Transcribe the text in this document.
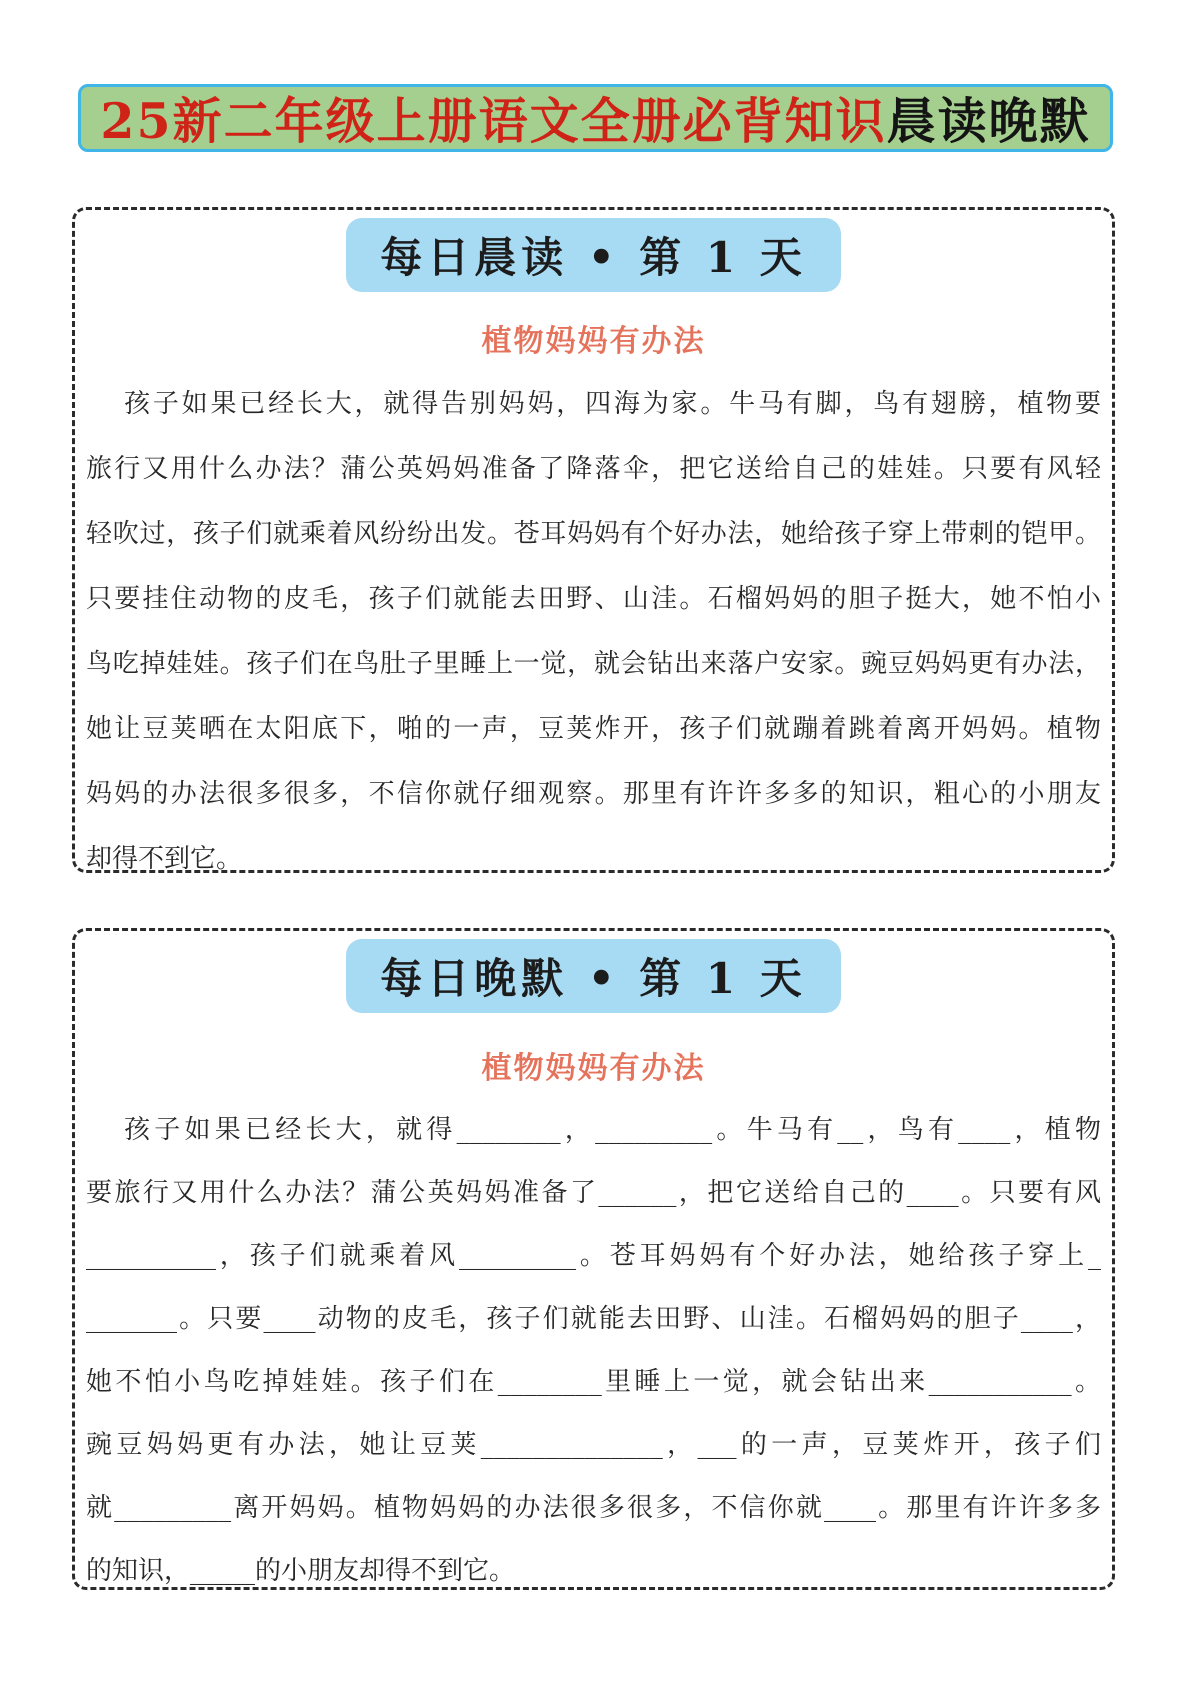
25新二年级上册语文全册必背知识 晨读晚默
每日晨读 • 第 1 天
植物妈妈有办法
孩子如果已经长大，就得告别妈妈，四海为家。牛马有脚，鸟有翅膀，植物要
旅行又用什么办法？蒲公英妈妈准备了降落伞，把它送给自己的娃娃。只要有风轻
轻吹过，孩子们就乘着风纷纷出发。苍耳妈妈有个好办法，她给孩子穿上带刺的铠甲。
只要挂住动物的皮毛，孩子们就能去田野、山洼。石榴妈妈的胆子挺大，她不怕小
鸟吃掉娃娃。孩子们在鸟肚子里睡上一觉，就会钻出来落户安家。豌豆妈妈更有办法，
她让豆荚晒在太阳底下，啪的一声，豆荚炸开，孩子们就蹦着跳着离开妈妈。植物
妈妈的办法很多很多，不信你就仔细观察。那里有许许多多的知识，粗心的小朋友
却得不到它。
每日晚默 • 第 1 天
植物妈妈有办法
孩子如果已经长大，就得________，_________。牛马有__，鸟有____，植物
要旅行又用什么办法？蒲公英妈妈准备了______，把它送给自己的____。只要有风
__________，孩子们就乘着风_________。苍耳妈妈有个好办法，她给孩子穿上_
_______。只要____动物的皮毛，孩子们就能去田野、山洼。石榴妈妈的胆子____，
她不怕小鸟吃掉娃娃。孩子们在________里睡上一觉，就会钻出来___________。
豌豆妈妈更有办法，她让豆荚______________，___的一声，豆荚炸开，孩子们
就_________离开妈妈。植物妈妈的办法很多很多，不信你就____。那里有许许多多
的知识，_____的小朋友却得不到它。
